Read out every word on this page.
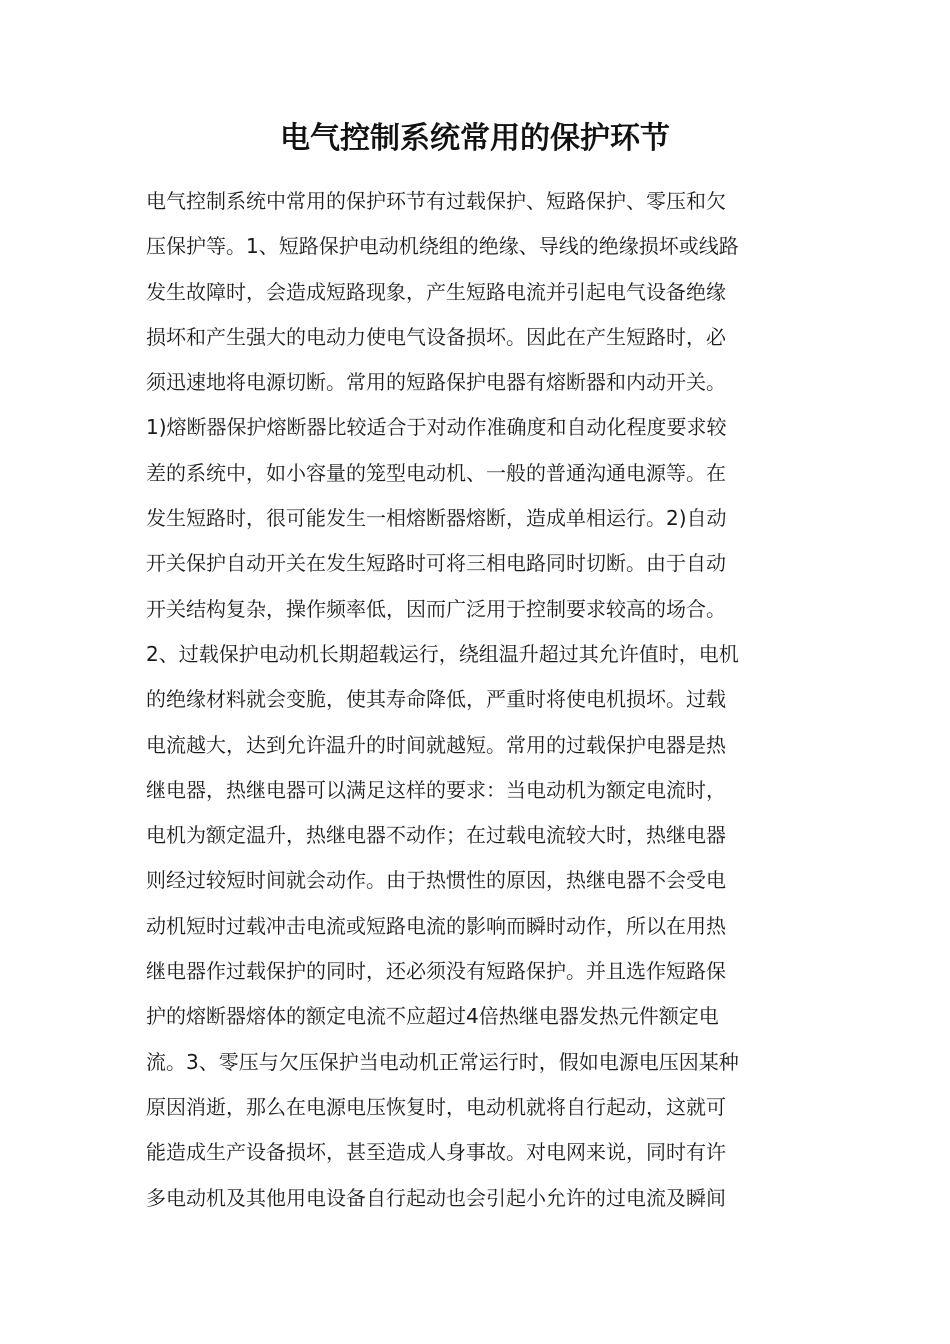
电气控制系统常用的保护环节
电气控制系统中常用的保护环节有过载保护、短路保护、零压和欠
压保护等。1、短路保护电动机绕组的绝缘、导线的绝缘损坏或线路
发生故障时，会造成短路现象，产生短路电流并引起电气设备绝缘
损坏和产生强大的电动力使电气设备损坏。因此在产生短路时，必
须迅速地将电源切断。常用的短路保护电器有熔断器和内动开关。
1)熔断器保护熔断器比较适合于对动作准确度和自动化程度要求较
差的系统中，如小容量的笼型电动机、一般的普通沟通电源等。在
发生短路时，很可能发生一相熔断器熔断，造成单相运行。2)自动
开关保护自动开关在发生短路时可将三相电路同时切断。由于自动
开关结构复杂，操作频率低，因而广泛用于控制要求较高的场合。
2、过载保护电动机长期超载运行，绕组温升超过其允许值时，电机
的绝缘材料就会变脆，使其寿命降低，严重时将使电机损坏。过载
电流越大，达到允许温升的时间就越短。常用的过载保护电器是热
继电器，热继电器可以满足这样的要求：当电动机为额定电流时，
电机为额定温升，热继电器不动作；在过载电流较大时，热继电器
则经过较短时间就会动作。由于热惯性的原因，热继电器不会受电
动机短时过载冲击电流或短路电流的影响而瞬时动作，所以在用热
继电器作过载保护的同时，还必须没有短路保护。并且选作短路保
护的熔断器熔体的额定电流不应超过4倍热继电器发热元件额定电
流。3、零压与欠压保护当电动机正常运行时，假如电源电压因某种
原因消逝，那么在电源电压恢复时，电动机就将自行起动，这就可
能造成生产设备损坏，甚至造成人身事故。对电网来说，同时有许
多电动机及其他用电设备自行起动也会引起小允许的过电流及瞬间
